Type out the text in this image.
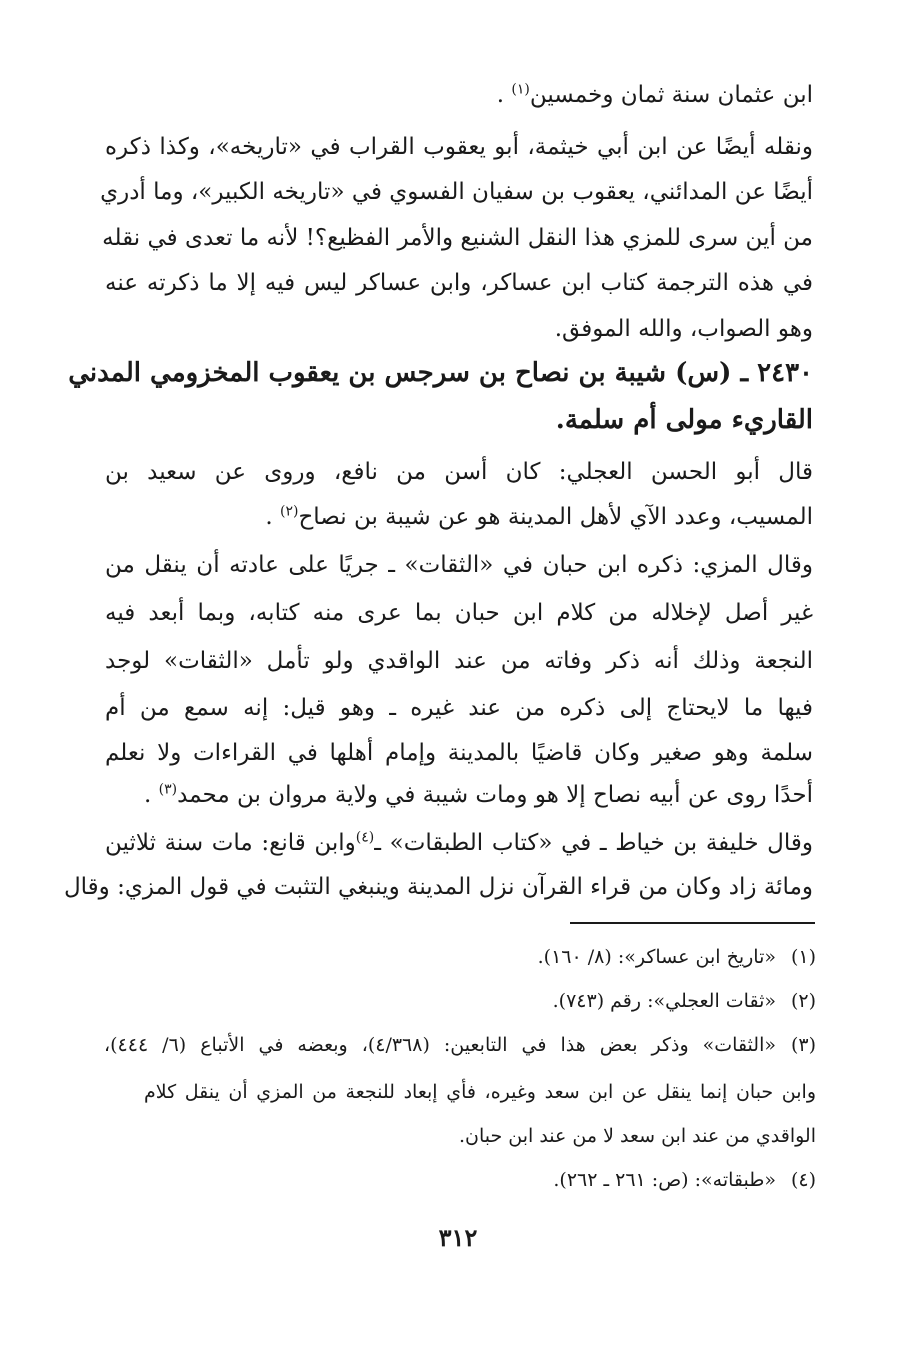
ابن عثمان سنة ثمان وخمسين$^{(١)}$ .
ونقله أيضًا عن ابن أبي خيثمة، أبو يعقوب القراب في «تاريخه»، وكذا ذكره
أيضًا عن المدائني، يعقوب بن سفيان الفسوي في «تاريخه الكبير»، وما أدري
من أين سرى للمزي هذا النقل الشنيع والأمر الفظيع؟! لأنه ما تعدى في نقله
في هذه الترجمة كتاب ابن عساكر، وابن عساكر ليس فيه إلا ما ذكرته عنه
وهو الصواب، والله الموفق.
٢٤٣٠ ـ (س) شيبة بن نصاح بن سرجس بن يعقوب المخزومي المدني
القاريء مولى أم سلمة.
قال أبو الحسن العجلي: كان أسن من نافع، وروى عن سعيد بن
المسيب، وعدد الآي لأهل المدينة هو عن شيبة بن نصاح$^{(٢)}$ .
وقال المزي: ذكره ابن حبان في «الثقات» ـ جريًا على عادته أن ينقل من
غير أصل لإخلاله من كلام ابن حبان بما عرى منه كتابه، وبما أبعد فيه
النجعة وذلك أنه ذكر وفاته من عند الواقدي ولو تأمل «الثقات» لوجد
فيها ما لايحتاج إلى ذكره من عند غيره ـ وهو قيل: إنه سمع من أم
سلمة وهو صغير وكان قاضيًا بالمدينة وإمام أهلها في القراءات ولا نعلم
أحدًا روى عن أبيه نصاح إلا هو ومات شيبة في ولاية مروان بن محمد$^{(٣)}$ .
وقال خليفة بن خياط ـ في «كتاب الطبقات» ـ$^{(٤)}$وابن قانع: مات سنة ثلاثين
ومائة زاد وكان من قراء القرآن نزل المدينة وينبغي التثبت في قول المزي: وقال
(١)«تاريخ ابن عساكر»: (٨/ ١٦٠).
(٢)«ثقات العجلي»: رقم (٧٤٣).
(٣)«الثقات» وذكر بعض هذا في التابعين: (٤/٣٦٨)، وبعضه في الأتباع (٦/ ٤٤٤)،
وابن حبان إنما ينقل عن ابن سعد وغيره، فأي إبعاد للنجعة من المزي أن ينقل كلام
الواقدي من عند ابن سعد لا من عند ابن حبان.
(٤)«طبقاته»: (ص: ٢٦١ ـ ٢٦٢).
٣١٢
